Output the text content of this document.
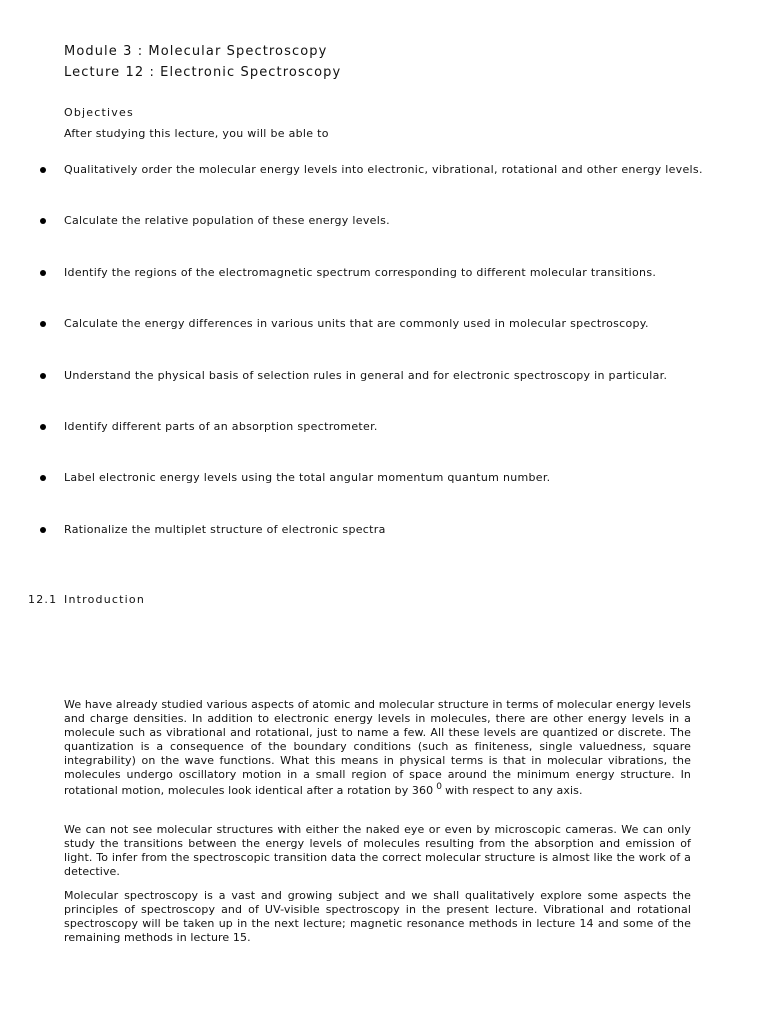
Module 3 : Molecular Spectroscopy
Lecture 12 : Electronic Spectroscopy
Objectives
After studying this lecture, you will be able to
Qualitatively order the molecular energy levels into electronic, vibrational, rotational and other energy levels.
Calculate the relative population of these energy levels.
Identify the regions of the electromagnetic spectrum corresponding to different molecular transitions.
Calculate the energy differences in various units that are commonly used in molecular spectroscopy.
Understand the physical basis of selection rules in general and for electronic spectroscopy in particular.
Identify different parts of an absorption spectrometer.
Label electronic energy levels using the total angular momentum quantum number.
Rationalize the multiplet structure of electronic spectra
12.1 Introduction

We have already studied various aspects of atomic and molecular structure in terms of molecular energy levels and charge densities. In addition to electronic energy levels in molecules, there are other energy levels in a molecule such as vibrational and rotational, just to name a few. All these levels are quantized or discrete. The quantization is a consequence of the boundary conditions (such as finiteness, single valuedness, square integrability) on the wave functions. What this means in physical terms is that in molecular vibrations, the molecules undergo oscillatory motion in a small region of space around the minimum energy structure. In rotational motion, molecules look identical after a rotation by 360 $^0$ with respect to any axis.

We can not see molecular structures with either the naked eye or even by microscopic cameras. We can only study the transitions between the energy levels of molecules resulting from the absorption and emission of light. To infer from the spectroscopic transition data the correct molecular structure is almost like the work of a detective.

Molecular spectroscopy is a vast and growing subject and we shall qualitatively explore some aspects the principles of spectroscopy and of UV-visible spectroscopy in the present lecture. Vibrational and rotational spectroscopy will be taken up in the next lecture; magnetic resonance methods in lecture 14 and some of the remaining methods in lecture 15.
